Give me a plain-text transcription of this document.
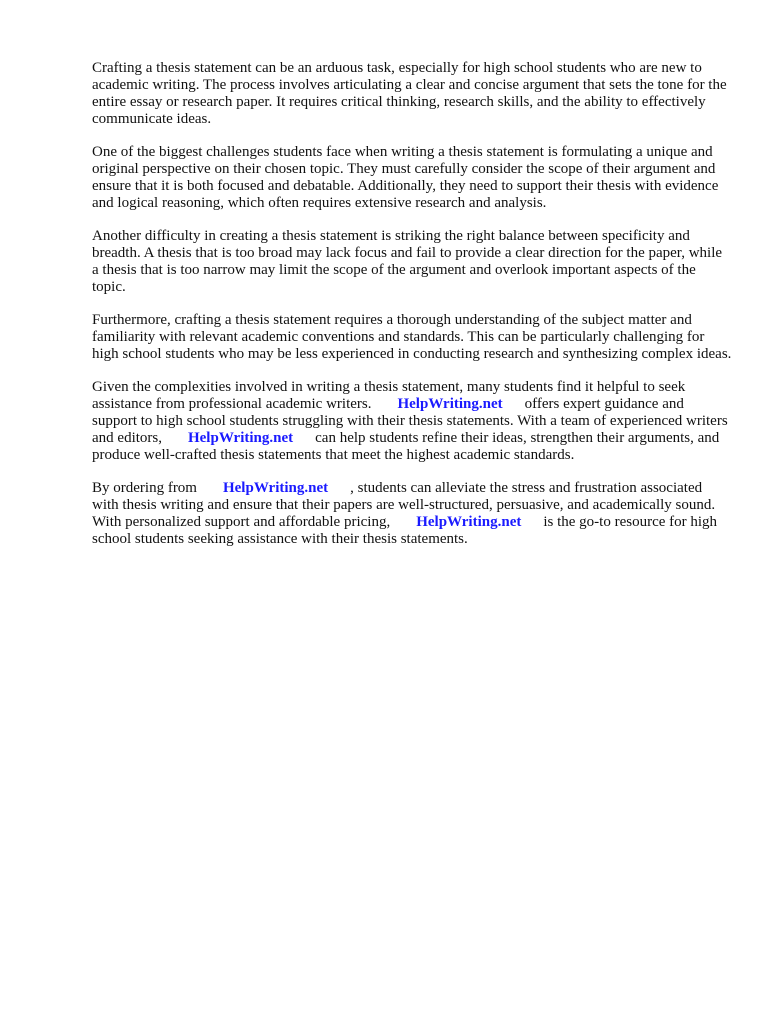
Crafting a thesis statement can be an arduous task, especially for high school students who are new to academic writing. The process involves articulating a clear and concise argument that sets the tone for the entire essay or research paper. It requires critical thinking, research skills, and the ability to effectively communicate ideas.

One of the biggest challenges students face when writing a thesis statement is formulating a unique and original perspective on their chosen topic. They must carefully consider the scope of their argument and ensure that it is both focused and debatable. Additionally, they need to support their thesis with evidence and logical reasoning, which often requires extensive research and analysis.

Another difficulty in creating a thesis statement is striking the right balance between specificity and breadth. A thesis that is too broad may lack focus and fail to provide a clear direction for the paper, while a thesis that is too narrow may limit the scope of the argument and overlook important aspects of the topic.

Furthermore, crafting a thesis statement requires a thorough understanding of the subject matter and familiarity with relevant academic conventions and standards. This can be particularly challenging for high school students who may be less experienced in conducting research and synthesizing complex ideas.

Given the complexities involved in writing a thesis statement, many students find it helpful to seek assistance from professional academic writers. HelpWriting.net offers expert guidance and support to high school students struggling with their thesis statements. With a team of experienced writers and editors, HelpWriting.net can help students refine their ideas, strengthen their arguments, and produce well-crafted thesis statements that meet the highest academic standards.

By ordering from HelpWriting.net , students can alleviate the stress and frustration associated with thesis writing and ensure that their papers are well-structured, persuasive, and academically sound. With personalized support and affordable pricing, HelpWriting.net is the go-to resource for high school students seeking assistance with their thesis statements.
